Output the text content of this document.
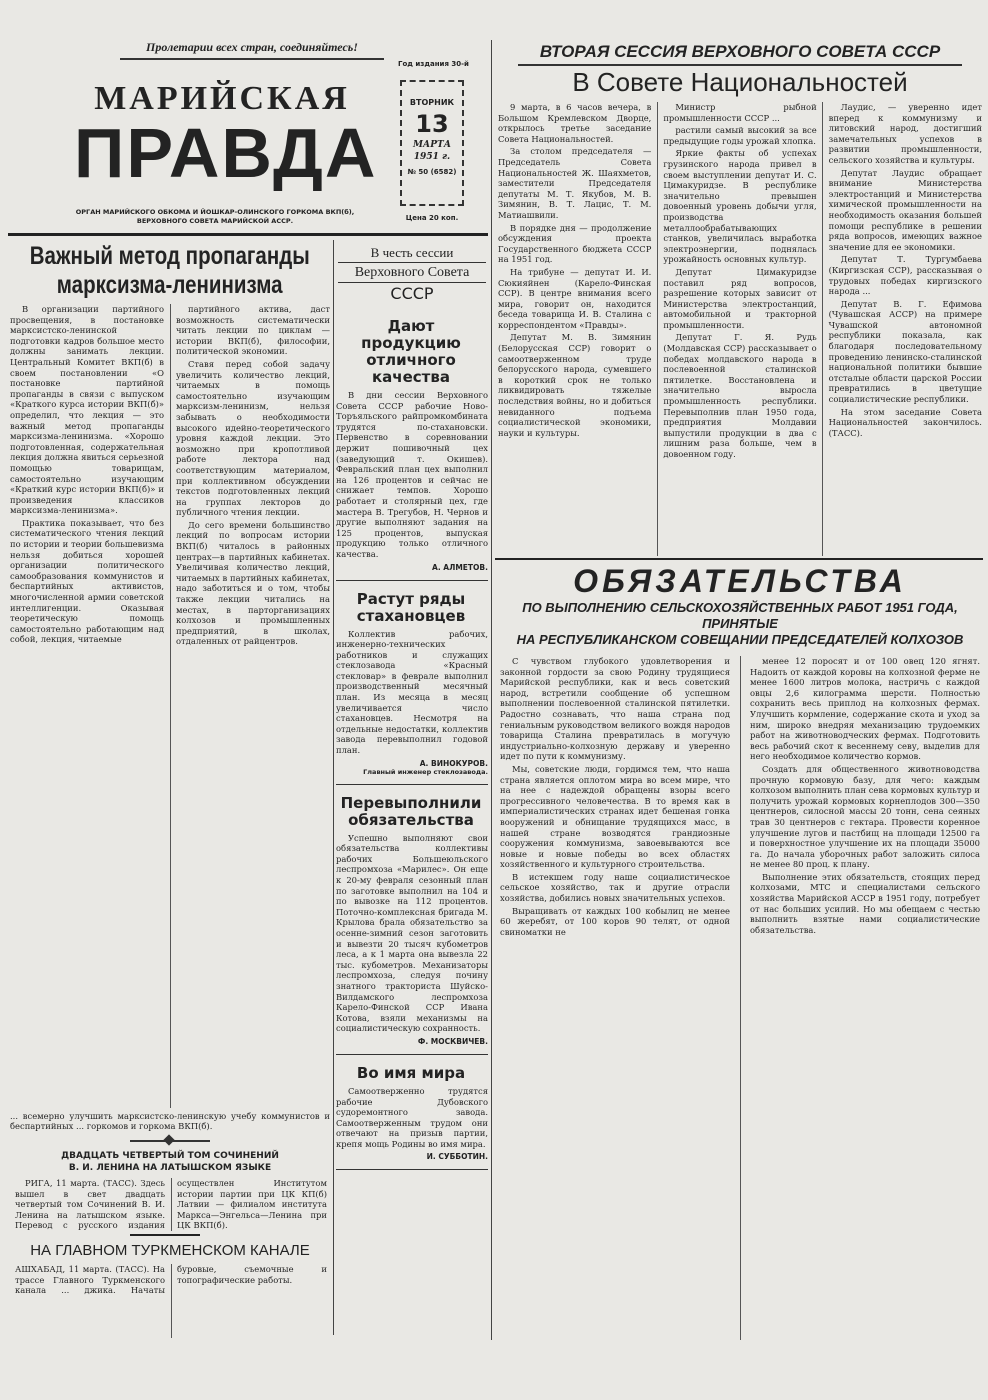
Пролетарии всех стран, соединяйтесь!
Год издания 30-й
МАРИЙСКАЯ
ПРАВДА
ВТОРНИК
13
МАРТА
1951 г.
№ 50 (6582)
Цена 20 коп.
ОРГАН МАРИЙСКОГО ОБКОМА И ЙОШКАР-ОЛИНСКОГО ГОРКОМА ВКП(б),
ВЕРХОВНОГО СОВЕТА МАРИЙСКОЙ АССР.
Важный метод пропаганды
марксизма-ленинизма

В организации партийного просвещения, в постановке марксистско-ленинской подготовки кадров большое место должны занимать лекции. Центральный Комитет ВКП(б) в своем постановлении «О постановке партийной пропаганды в связи с выпуском «Краткого курса истории ВКП(б)» определил, что лекция — это важный метод пропаганды марксизма-ленинизма. «Хорошо подготовленная, содержательная лекция должна явиться серьезной помощью товарищам, самостоятельно изучающим «Краткий курс истории ВКП(б)» и произведения классиков марксизма-ленинизма».

Практика показывает, что без систематического чтения лекций по истории и теории большевизма нельзя добиться хорошей организации политического самообразования коммунистов и беспартийных активистов, многочисленной армии советской интеллигенции. Оказывая теоретическую помощь самостоятельно работающим над собой, лекция, читаемые

партийного актива, даст возможность систематически читать лекции по циклам — истории ВКП(б), философии, политической экономии.

Ставя перед собой задачу увеличить количество лекций, читаемых в помощь самостоятельно изучающим марксизм-ленинизм, нельзя забывать о необходимости высокого идейно-теоретического уровня каждой лекции. Это возможно при кропотливой работе лектора над соответствующим материалом, при коллективном обсуждении текстов подготовленных лекций на группах лекторов до публичного чтения лекции.

До сего времени большинство лекций по вопросам истории ВКП(б) читалось в районных центрах—в партийных кабинетах. Увеличивая количество лекций, читаемых в партийных кабинетах, надо заботиться и о том, чтобы также лекции читались на местах, в парторганизациях колхозов и промышленных предприятий, в школах, отдаленных от райцентров.

... всемерно улучшить марксистско-ленинскую учебу коммунистов и беспартийных ... горкомов и горкома ВКП(б).
ДВАДЦАТЬ ЧЕТВЕРТЫЙ ТОМ СОЧИНЕНИЙ
В. И. ЛЕНИНА НА ЛАТЫШСКОМ ЯЗЫКЕ
РИГА, 11 марта. (ТАСС). Здесь вышел в свет двадцать четвертый том Сочинений В. И. Ленина на латышском языке. Перевод с русского издания осуществлен Институтом истории партии при ЦК КП(б) Латвии — филиалом института Маркса—Энгельса—Ленина при ЦК ВКП(б).
НА ГЛАВНОМ ТУРКМЕНСКОМ КАНАЛЕ
АШХАБАД, 11 марта. (ТАСС). На трассе Главного Туркменского канала ... джика. Начаты буровые, съемочные и топографические работы.
В честь сессии
Верховного Совета
СССР
Дают продукцию отличного качества
В дни сессии Верховного Совета СССР рабочие Ново-Торъяльского райпромкомбината трудятся по-стахановски. Первенство в соревновании держит пошивочный цех (заведующий т. Окишев). Февральский план цех выполнил на 126 процентов и сейчас не снижает темпов. Хорошо работает и столярный цех, где мастера В. Трегубов, Н. Чернов и другие выполняют задания на 125 процентов, выпуская продукцию только отличного качества.
А. АЛМЕТОВ.
Растут ряды стахановцев
Коллектив рабочих, инженерно-технических работников и служащих стеклозавода «Красный стекловар» в феврале выполнил производственный месячный план. Из месяца в месяц увеличивается число стахановцев. Несмотря на отдельные недостатки, коллектив завода перевыполнил годовой план.
А. ВИНОКУРОВ.
Главный инженер стеклозавода.
Перевыполнили обязательства
Успешно выполняют свои обязательства коллективы рабочих Большеюльского леспромхоза «Марилес». Он еще к 20-му февраля сезонный план по заготовке выполнил на 104 и по вывозке на 112 процентов. Поточно-комплексная бригада М. Крылова брала обязательство за осенне-зимний сезон заготовить и вывезти 20 тысяч кубометров леса, а к 1 марта она вывезла 22 тыс. кубометров. Механизаторы леспромхоза, следуя почину знатного тракториста Шуйско-Вилдамского леспромхоза Карело-Финской ССР Ивана Котова, взяли механизмы на социалистическую сохранность.
Ф. МОСКВИЧЕВ.
Во имя мира
Самоотверженно трудятся рабочие Дубовского судоремонтного завода. Самоотверженным трудом они отвечают на призыв партии, крепя мощь Родины во имя мира.
И. СУББОТИН.
ВТОРАЯ СЕССИЯ ВЕРХОВНОГО СОВЕТА СССР
В Совете Национальностей

9 марта, в 6 часов вечера, в Большом Кремлевском Дворце, открылось третье заседание Совета Национальностей.

За столом председателя — Председатель Совета Национальностей Ж. Шаяхметов, заместители Председателя депутаты М. Т. Якубов, М. В. Зимянин, В. Т. Лацис, Т. М. Матиашвили.

В порядке дня — продолжение обсуждения проекта Государственного бюджета СССР на 1951 год.

На трибуне — депутат И. И. Сюкияйнен (Карело-Финская ССР). В центре внимания всего мира, говорит он, находится беседа товарища И. В. Сталина с корреспондентом «Правды».

Депутат М. В. Зимянин (Белорусская ССР) говорит о самоотверженном труде белорусского народа, сумевшего в короткий срок не только ликвидировать тяжелые последствия войны, но и добиться невиданного подъема социалистической экономики, науки и культуры.

Министр рыбной промышленности СССР ...

растили самый высокий за все предыдущие годы урожай хлопка.

Яркие факты об успехах грузинского народа привел в своем выступлении депутат И. С. Цимакуридзе. В республике значительно превышен довоенный уровень добычи угля, производства металлообрабатывающих станков, увеличилась выработка электроэнергии, поднялась урожайность основных культур.

Депутат Цимакуридзе поставил ряд вопросов, разрешение которых зависит от Министерства электростанций, автомобильной и тракторной промышленности.

Депутат Г. Я. Рудь (Молдавская ССР) рассказывает о победах молдавского народа в послевоенной сталинской пятилетке. Восстановлена и значительно выросла промышленность республики. Перевыполнив план 1950 года, предприятия Молдавии выпустили продукции в два с лишним раза больше, чем в довоенном году.

Лаудис, — уверенно идет вперед к коммунизму и литовский народ, достигший замечательных успехов в развитии промышленности, сельского хозяйства и культуры.

Депутат Лаудис обращает внимание Министерства электростанций и Министерства химической промышленности на необходимость оказания большей помощи республике в решении ряда вопросов, имеющих важное значение для ее экономики.

Депутат Т. Тургумбаева (Киргизская ССР), рассказывая о трудовых победах киргизского народа ...

Депутат В. Г. Ефимова (Чувашская АССР) на примере Чувашской автономной республики показала, как благодаря последовательному проведению ленинско-сталинской национальной политики бывшие отсталые области царской России превратились в цветущие социалистические республики.

На этом заседание Совета Национальностей закончилось. (ТАСС).

ОБЯЗАТЕЛЬСТВА
ПО ВЫПОЛНЕНИЮ СЕЛЬСКОХОЗЯЙСТВЕННЫХ РАБОТ 1951 ГОДА, ПРИНЯТЫЕ
НА РЕСПУБЛИКАНСКОМ СОВЕЩАНИИ ПРЕДСЕДАТЕЛЕЙ КОЛХОЗОВ

С чувством глубокого удовлетворения и законной гордости за свою Родину трудящиеся Марийской республики, как и весь советский народ, встретили сообщение об успешном выполнении послевоенной сталинской пятилетки. Радостно сознавать, что наша страна под гениальным руководством великого вождя народов товарища Сталина превратилась в могучую индустриально-колхозную державу и уверенно идет по пути к коммунизму.

Мы, советские люди, гордимся тем, что наша страна является оплотом мира во всем мире, что на нее с надеждой обращены взоры всего прогрессивного человечества. В то время как в империалистических странах идет бешеная гонка вооружений и обнищание трудящихся масс, в нашей стране возводятся грандиозные сооружения коммунизма, завоевываются все новые и новые победы во всех областях хозяйственного и культурного строительства.

В истекшем году наше социалистическое сельское хозяйство, так и другие отрасли хозяйства, добились новых значительных успехов.

Выращивать от каждых 100 кобылиц не менее 60 жеребят, от 100 коров 90 телят, от одной свиноматки не

менее 12 поросят и от 100 овец 120 ягнят. Надоить от каждой коровы на колхозной ферме не менее 1600 литров молока, настричь с каждой овцы 2,6 килограмма шерсти. Полностью сохранить весь приплод на колхозных фермах. Улучшить кормление, содержание скота и уход за ним, широко внедряя механизацию трудоемких работ на животноводческих фермах. Подготовить весь рабочий скот к весеннему севу, выделив для него необходимое количество кормов.

Создать для общественного животноводства прочную кормовую базу, для чего: каждым колхозом выполнить план сева кормовых культур и получить урожай кормовых корнеплодов 300—350 центнеров, силосной массы 20 тонн, сена сеяных трав 30 центнеров с гектара. Провести коренное улучшение лугов и пастбищ на площади 12500 га и поверхностное улучшение их на площади 35000 га. До начала уборочных работ заложить силоса не менее 80 проц. к плану.

Выполнение этих обязательств, стоящих перед колхозами, МТС и специалистами сельского хозяйства Марийской АССР в 1951 году, потребует от нас больших усилий. Но мы обещаем с честью выполнить взятые нами социалистические обязательства.
